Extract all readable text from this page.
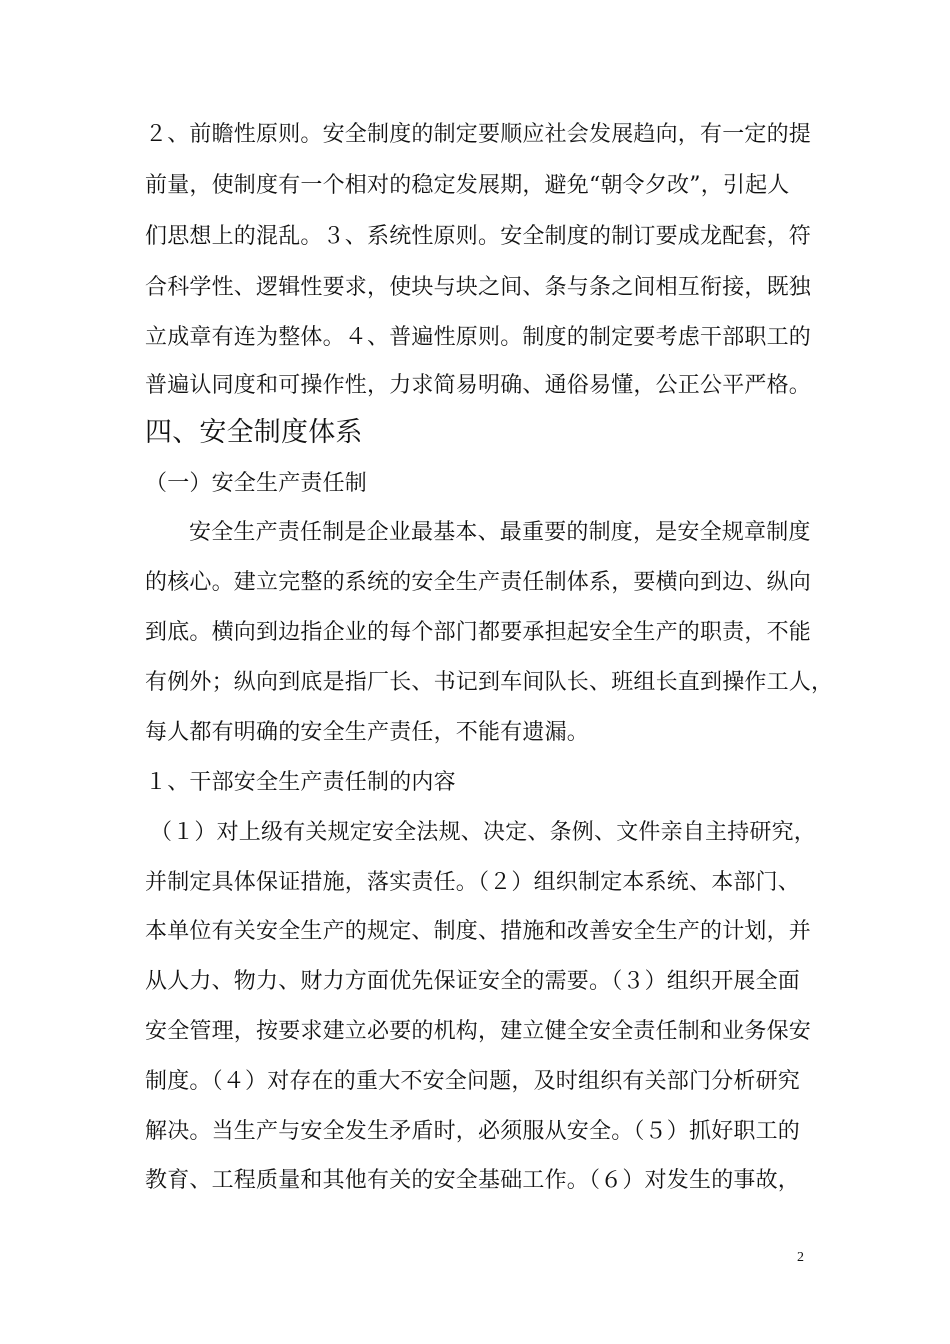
２、前瞻性原则。安全制度的制定要顺应社会发展趋向，有一定的提
前量，使制度有一个相对的稳定发展期，避免“朝令夕改”，引起人
们思想上的混乱。３、系统性原则。安全制度的制订要成龙配套，符
合科学性、逻辑性要求，使块与块之间、条与条之间相互衔接，既独
立成章有连为整体。４、普遍性原则。制度的制定要考虑干部职工的
普遍认同度和可操作性，力求简易明确、通俗易懂，公正公平严格。
四、安全制度体系
（一）安全生产责任制
安全生产责任制是企业最基本、最重要的制度，是安全规章制度
的核心。建立完整的系统的安全生产责任制体系，要横向到边、纵向
到底。横向到边指企业的每个部门都要承担起安全生产的职责，不能
有例外；纵向到底是指厂长、书记到车间队长、班组长直到操作工人，
每人都有明确的安全生产责任，不能有遗漏。
１、干部安全生产责任制的内容
（１）对上级有关规定安全法规、决定、条例、文件亲自主持研究，
并制定具体保证措施，落实责任。（２）组织制定本系统、本部门、
本单位有关安全生产的规定、制度、措施和改善安全生产的计划，并
从人力、物力、财力方面优先保证安全的需要。（３）组织开展全面
安全管理，按要求建立必要的机构，建立健全安全责任制和业务保安
制度。（４）对存在的重大不安全问题，及时组织有关部门分析研究
解决。当生产与安全发生矛盾时，必须服从安全。（５）抓好职工的
教育、工程质量和其他有关的安全基础工作。（６）对发生的事故，
2
